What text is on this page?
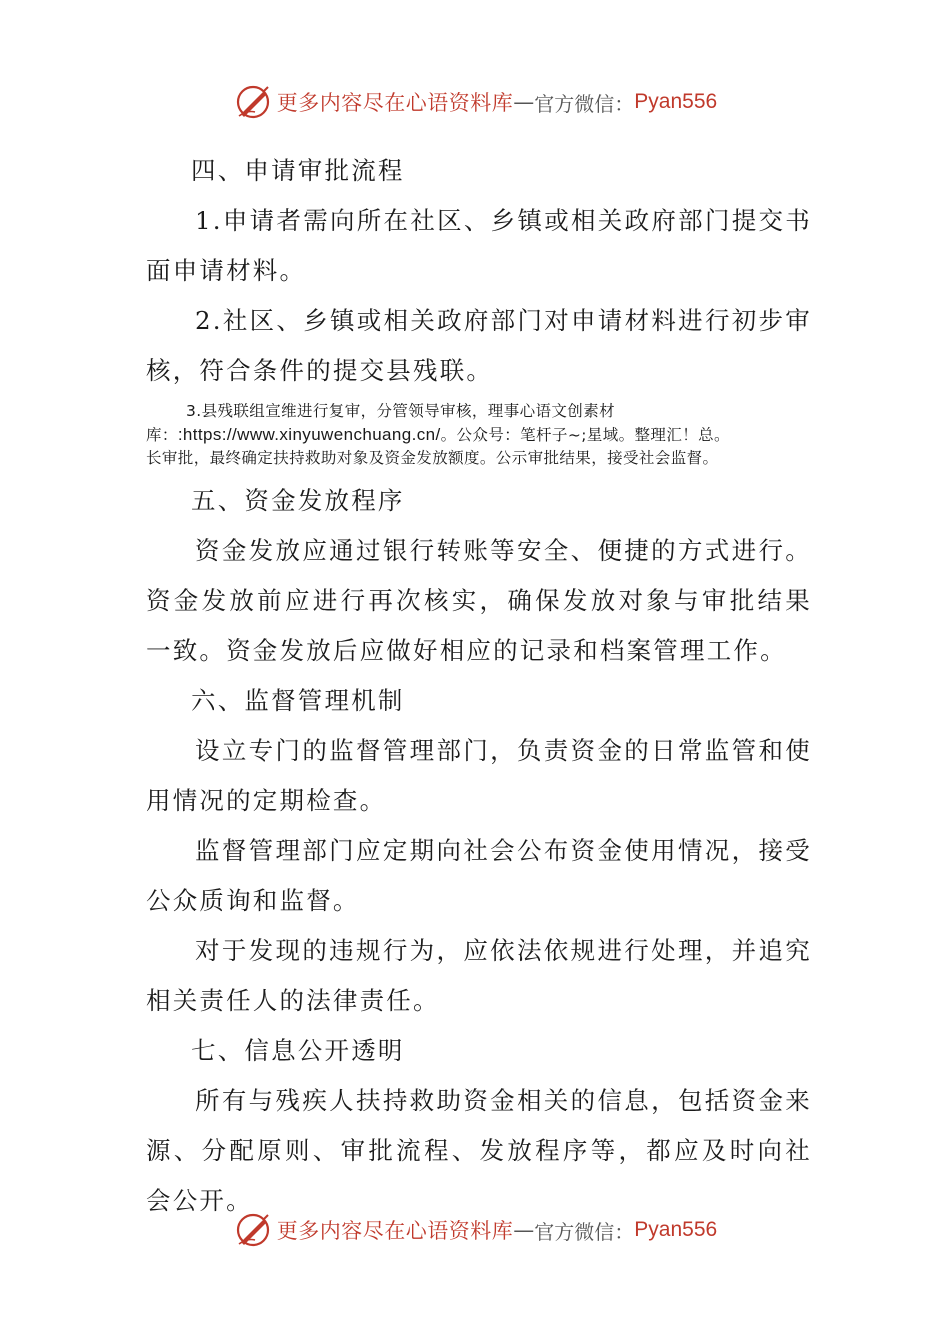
更多内容尽在心语资料库 — 官方微信： Pyan556

四、申请审批流程

1.申请者需向所在社区、乡镇或相关政府部门提交书面申请材料。

2.社区、乡镇或相关政府部门对申请材料进行初步审核，符合条件的提交县残联。

3.县残联组宣维进行复审，分管领导审核，理事心语文创素材
库：:https://www.xinyuwenchuang.cn/。公众号：笔杆子~;星域。整理汇！总。
长审批，最终确定扶持救助对象及资金发放额度。公示审批结果，接受社会监督。

五、资金发放程序

资金发放应通过银行转账等安全、便捷的方式进行。资金发放前应进行再次核实，确保发放对象与审批结果一致。资金发放后应做好相应的记录和档案管理工作。

六、监督管理机制

设立专门的监督管理部门，负责资金的日常监管和使用情况的定期检查。

监督管理部门应定期向社会公布资金使用情况，接受公众质询和监督。

对于发现的违规行为，应依法依规进行处理，并追究相关责任人的法律责任。

七、信息公开透明

所有与残疾人扶持救助资金相关的信息，包括资金来源、分配原则、审批流程、发放程序等，都应及时向社会公开。

更多内容尽在心语资料库 — 官方微信： Pyan556
